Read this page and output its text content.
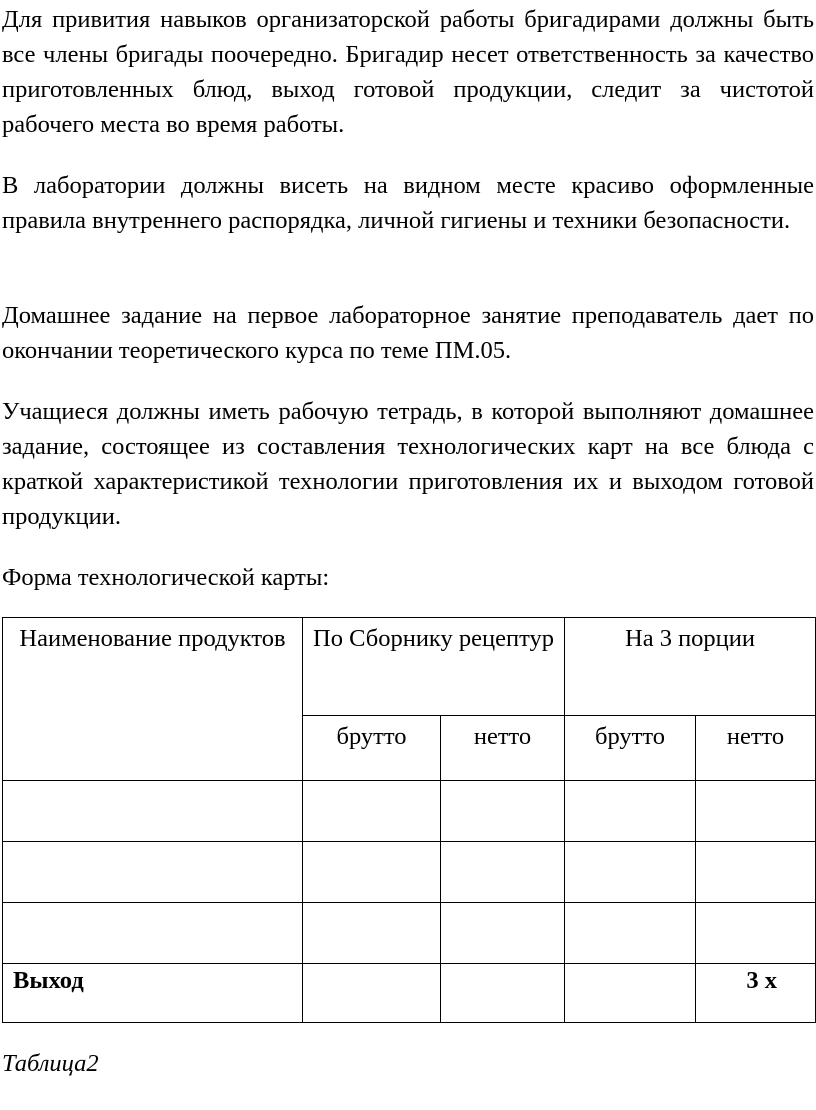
Для привития навыков организаторской работы бригадирами должны быть все члены бригады поочередно. Бригадир несет ответственность за качество приготовленных блюд, выход готовой продукции, следит за чистотой рабочего места во время работы.

В лаборатории должны висеть на видном месте красиво оформленные правила внутреннего распорядка, личной гигиены и техники безопасности.

Домашнее задание на первое лабораторное занятие преподаватель дает по окончании теоретического курса по теме ПМ.05.

Учащиеся должны иметь рабочую тетрадь, в которой выполняют домашнее задание, состоящее из составления технологических карт на все блюда с краткой характеристикой технологии приготовления их и выходом готовой продукции.

Форма технологической карты:

Наименование продуктов	По Сборнику рецептур		На 3 порции	
	брутто	нетто	брутто	нетто

Выход				3 х

Таблица2
